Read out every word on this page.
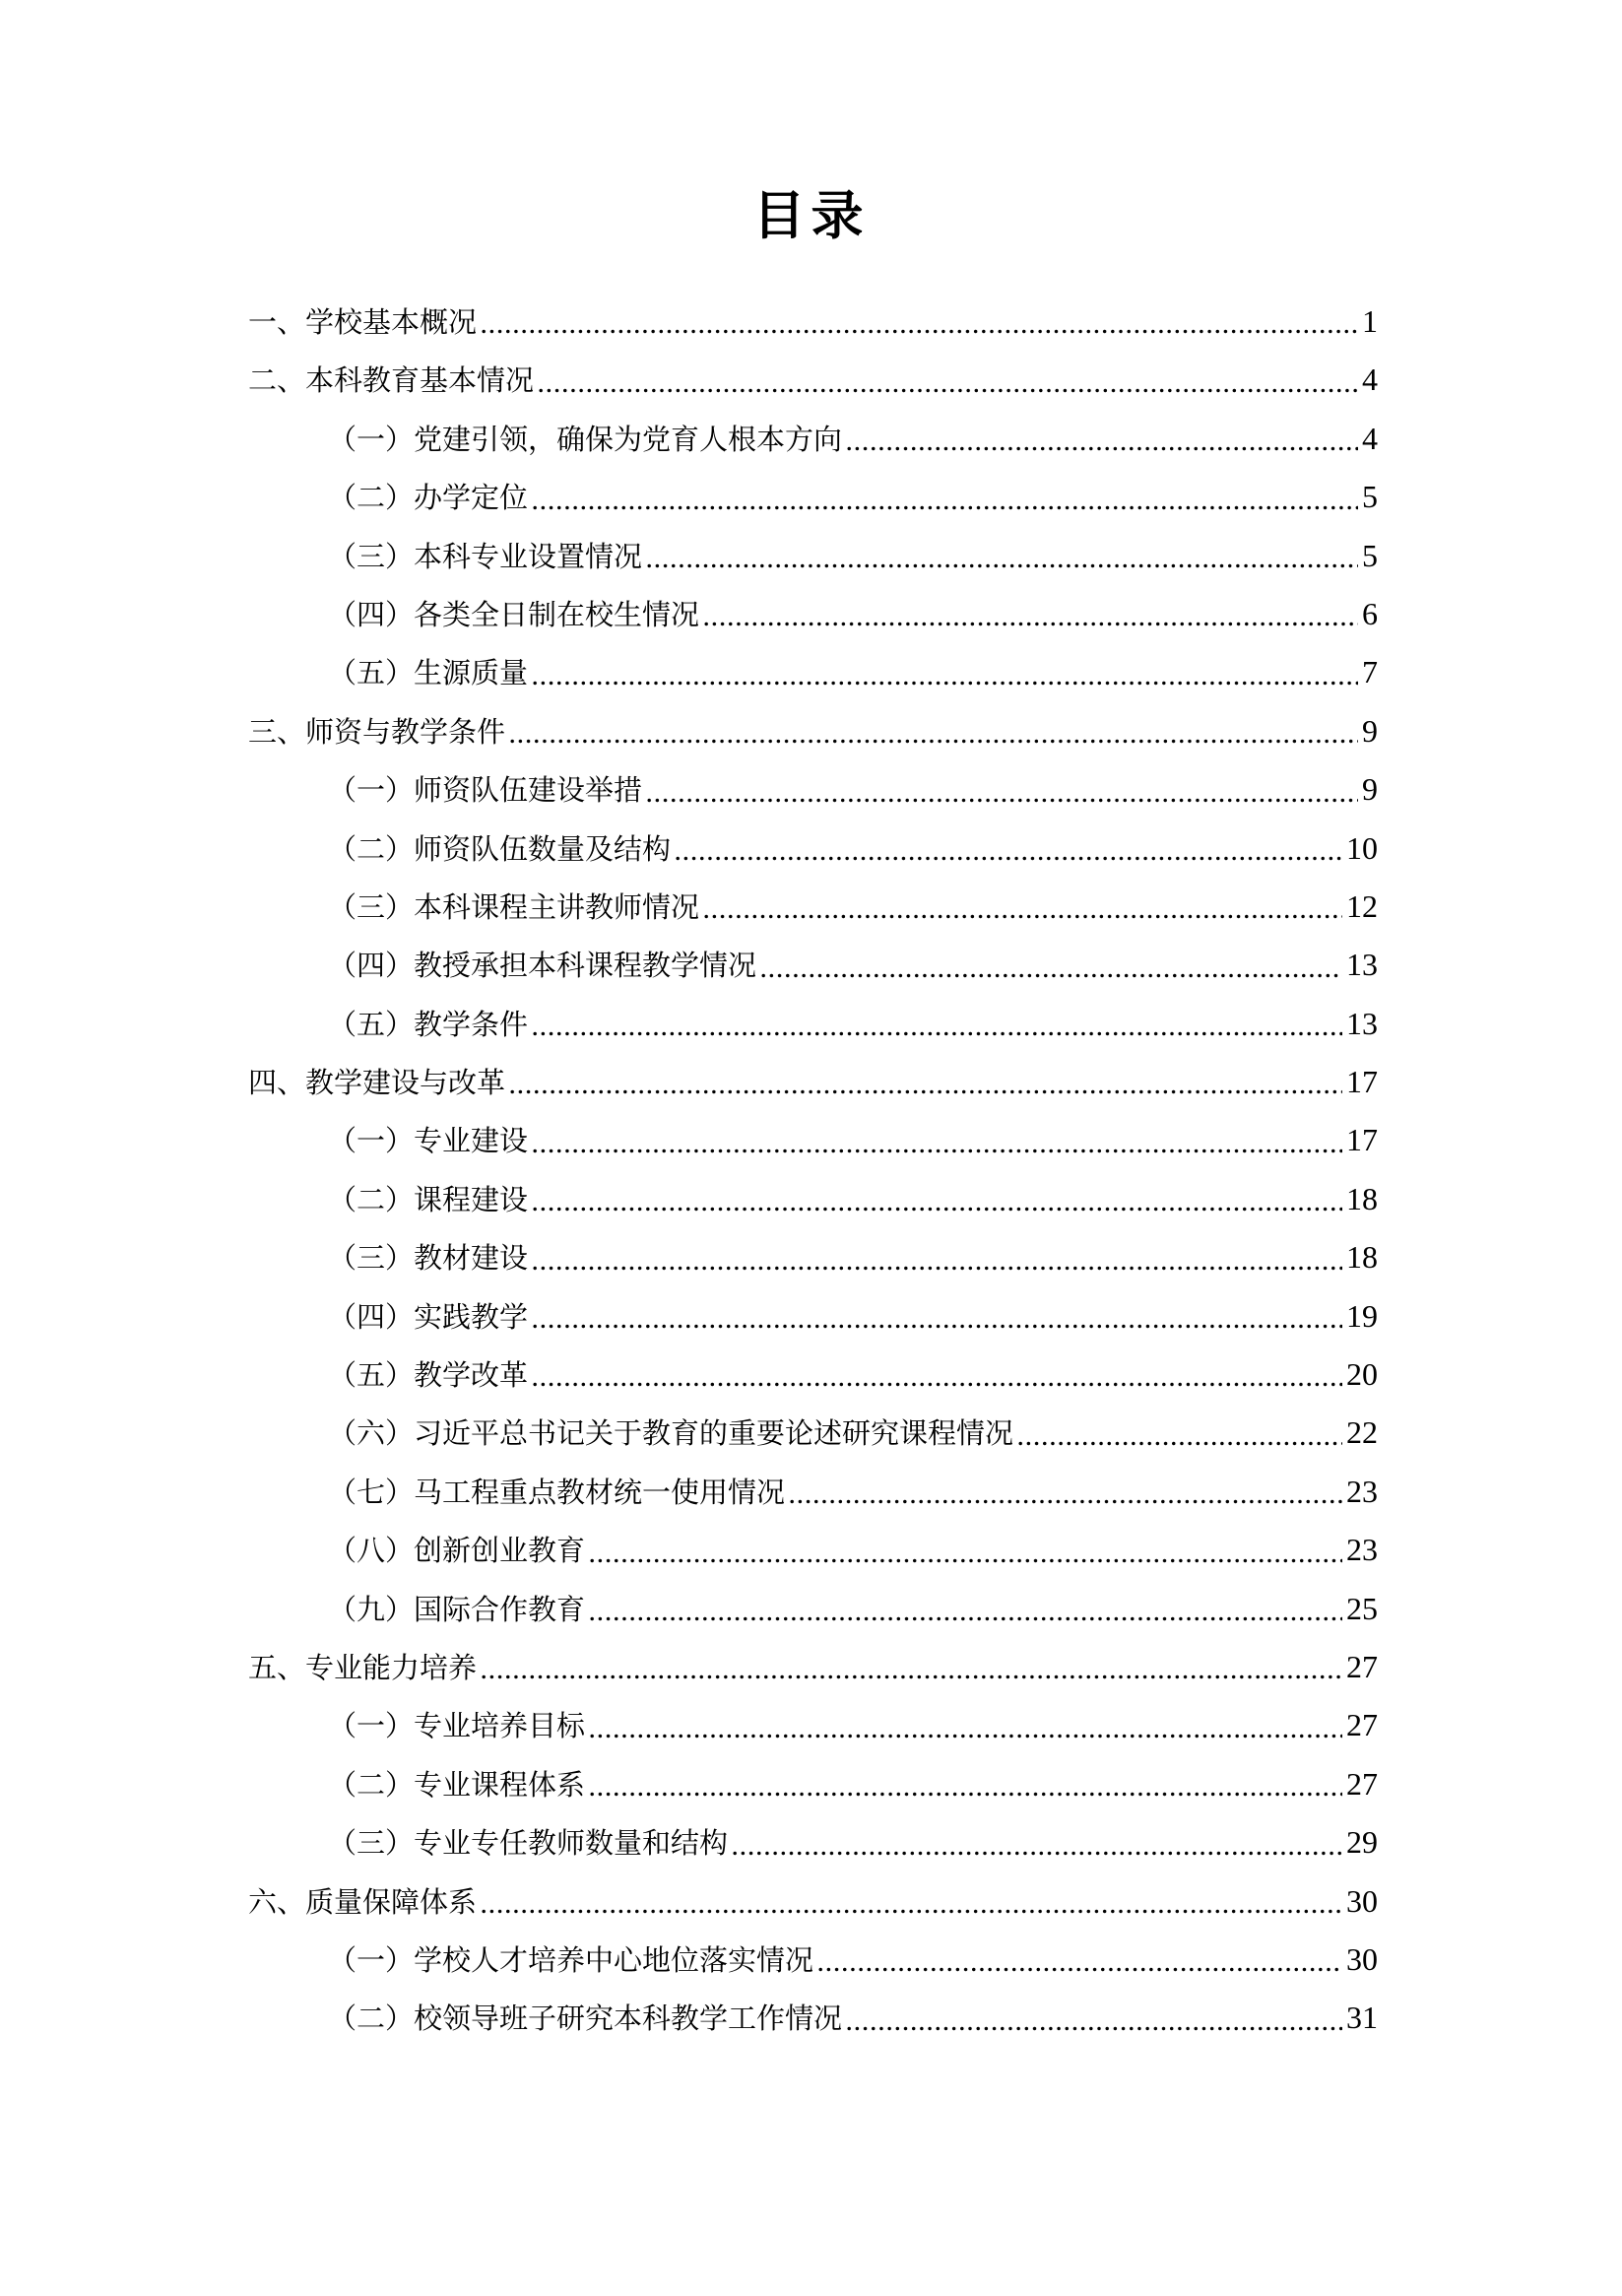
目录
一、学校基本概况	1
二、本科教育基本情况	4
（一）党建引领，确保为党育人根本方向	4
（二）办学定位	5
（三）本科专业设置情况	5
（四）各类全日制在校生情况	6
（五）生源质量	7
三、师资与教学条件	9
（一）师资队伍建设举措	9
（二）师资队伍数量及结构	10
（三）本科课程主讲教师情况	12
（四）教授承担本科课程教学情况	13
（五）教学条件	13
四、教学建设与改革	17
（一）专业建设	17
（二）课程建设	18
（三）教材建设	18
（四）实践教学	19
（五）教学改革	20
（六）习近平总书记关于教育的重要论述研究课程情况	22
（七）马工程重点教材统一使用情况	23
（八）创新创业教育	23
（九）国际合作教育	25
五、专业能力培养	27
（一）专业培养目标	27
（二）专业课程体系	27
（三）专业专任教师数量和结构	29
六、质量保障体系	30
（一）学校人才培养中心地位落实情况	30
（二）校领导班子研究本科教学工作情况	31
